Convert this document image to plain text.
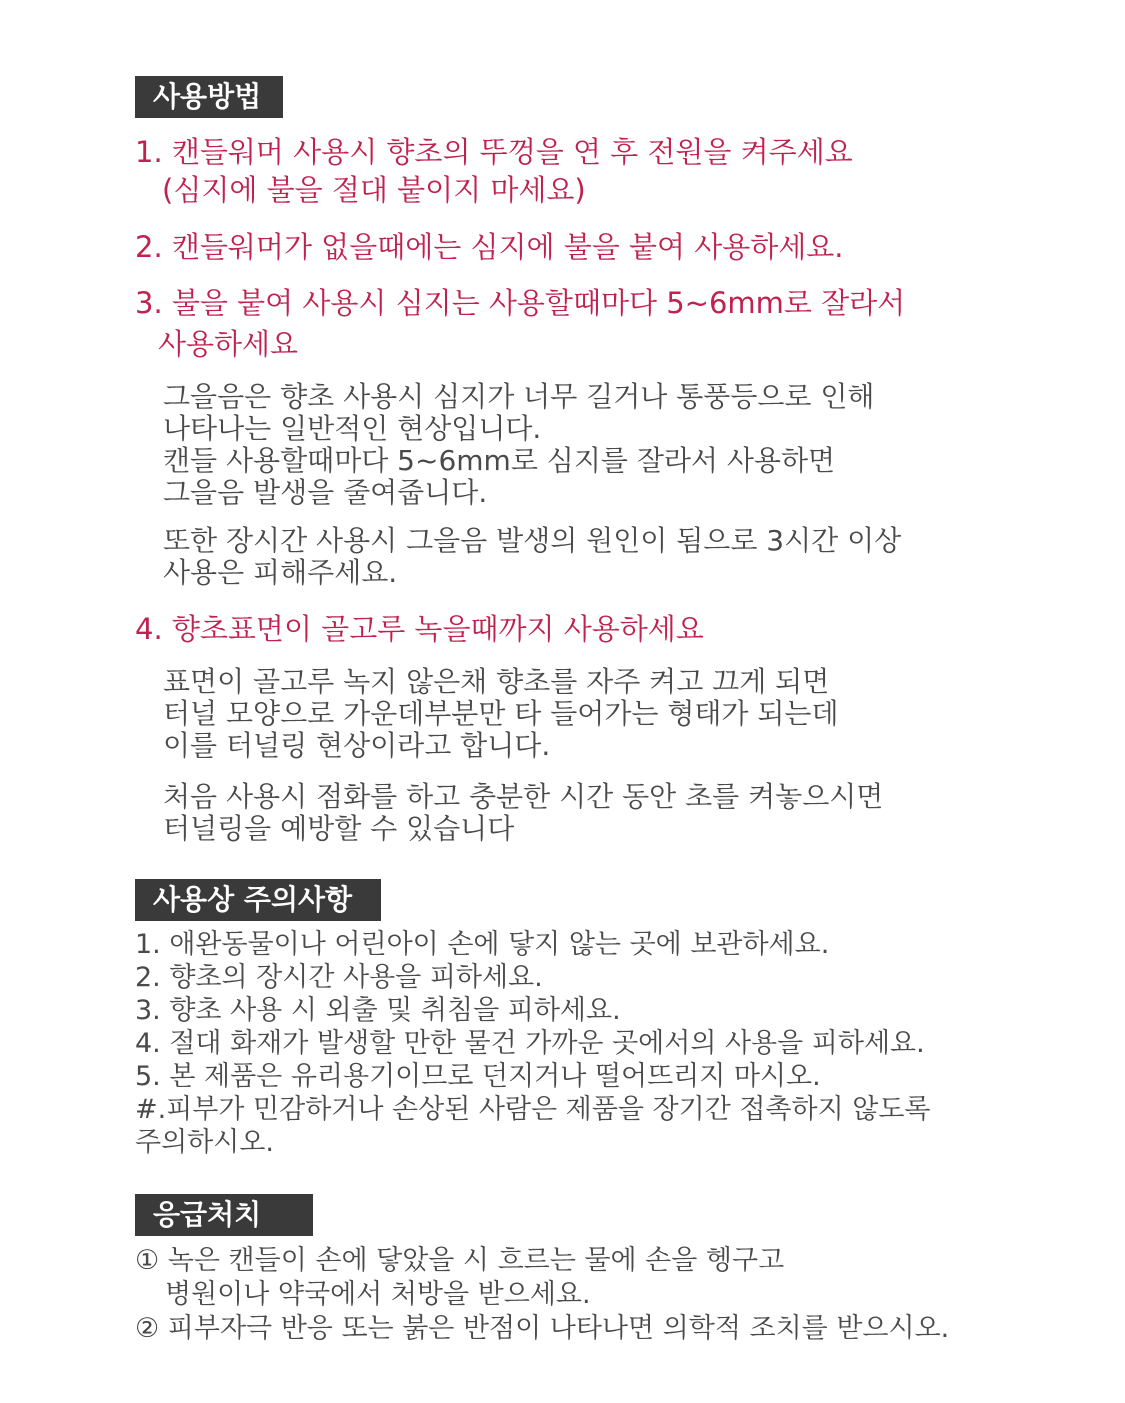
사용방법
1. 캔들워머 사용시 향초의 뚜껑을 연 후 전원을 켜주세요
(심지에 불을 절대 붙이지 마세요)
2. 캔들워머가 없을때에는 심지에 불을 붙여 사용하세요.
3. 불을 붙여 사용시 심지는 사용할때마다 5~6mm로 잘라서
사용하세요
그을음은 향초 사용시 심지가 너무 길거나 통풍등으로 인해
나타나는 일반적인 현상입니다.
캔들 사용할때마다 5~6mm로 심지를 잘라서 사용하면
그을음 발생을 줄여줍니다.
또한 장시간 사용시 그을음 발생의 원인이 됨으로 3시간 이상
사용은 피해주세요.
4. 향초표면이 골고루 녹을때까지 사용하세요
표면이 골고루 녹지 않은채 향초를 자주 켜고 끄게 되면
터널 모양으로 가운데부분만 타 들어가는 형태가 되는데
이를 터널링 현상이라고 합니다.
처음 사용시 점화를 하고 충분한 시간 동안 초를 켜놓으시면
터널링을 예방할 수 있습니다
사용상 주의사항
1. 애완동물이나 어린아이 손에 닿지 않는 곳에 보관하세요.
2. 향초의 장시간 사용을 피하세요.
3. 향초 사용 시 외출 및 취침을 피하세요.
4. 절대 화재가 발생할 만한 물건 가까운 곳에서의 사용을 피하세요.
5. 본 제품은 유리용기이므로 던지거나 떨어뜨리지 마시오.
#.피부가 민감하거나 손상된 사람은 제품을 장기간 접촉하지 않도록
주의하시오.
응급처치
① 녹은 캔들이 손에 닿았을 시 흐르는 물에 손을 헹구고
병원이나 약국에서 처방을 받으세요.
② 피부자극 반응 또는 붉은 반점이 나타나면 의학적 조치를 받으시오.
